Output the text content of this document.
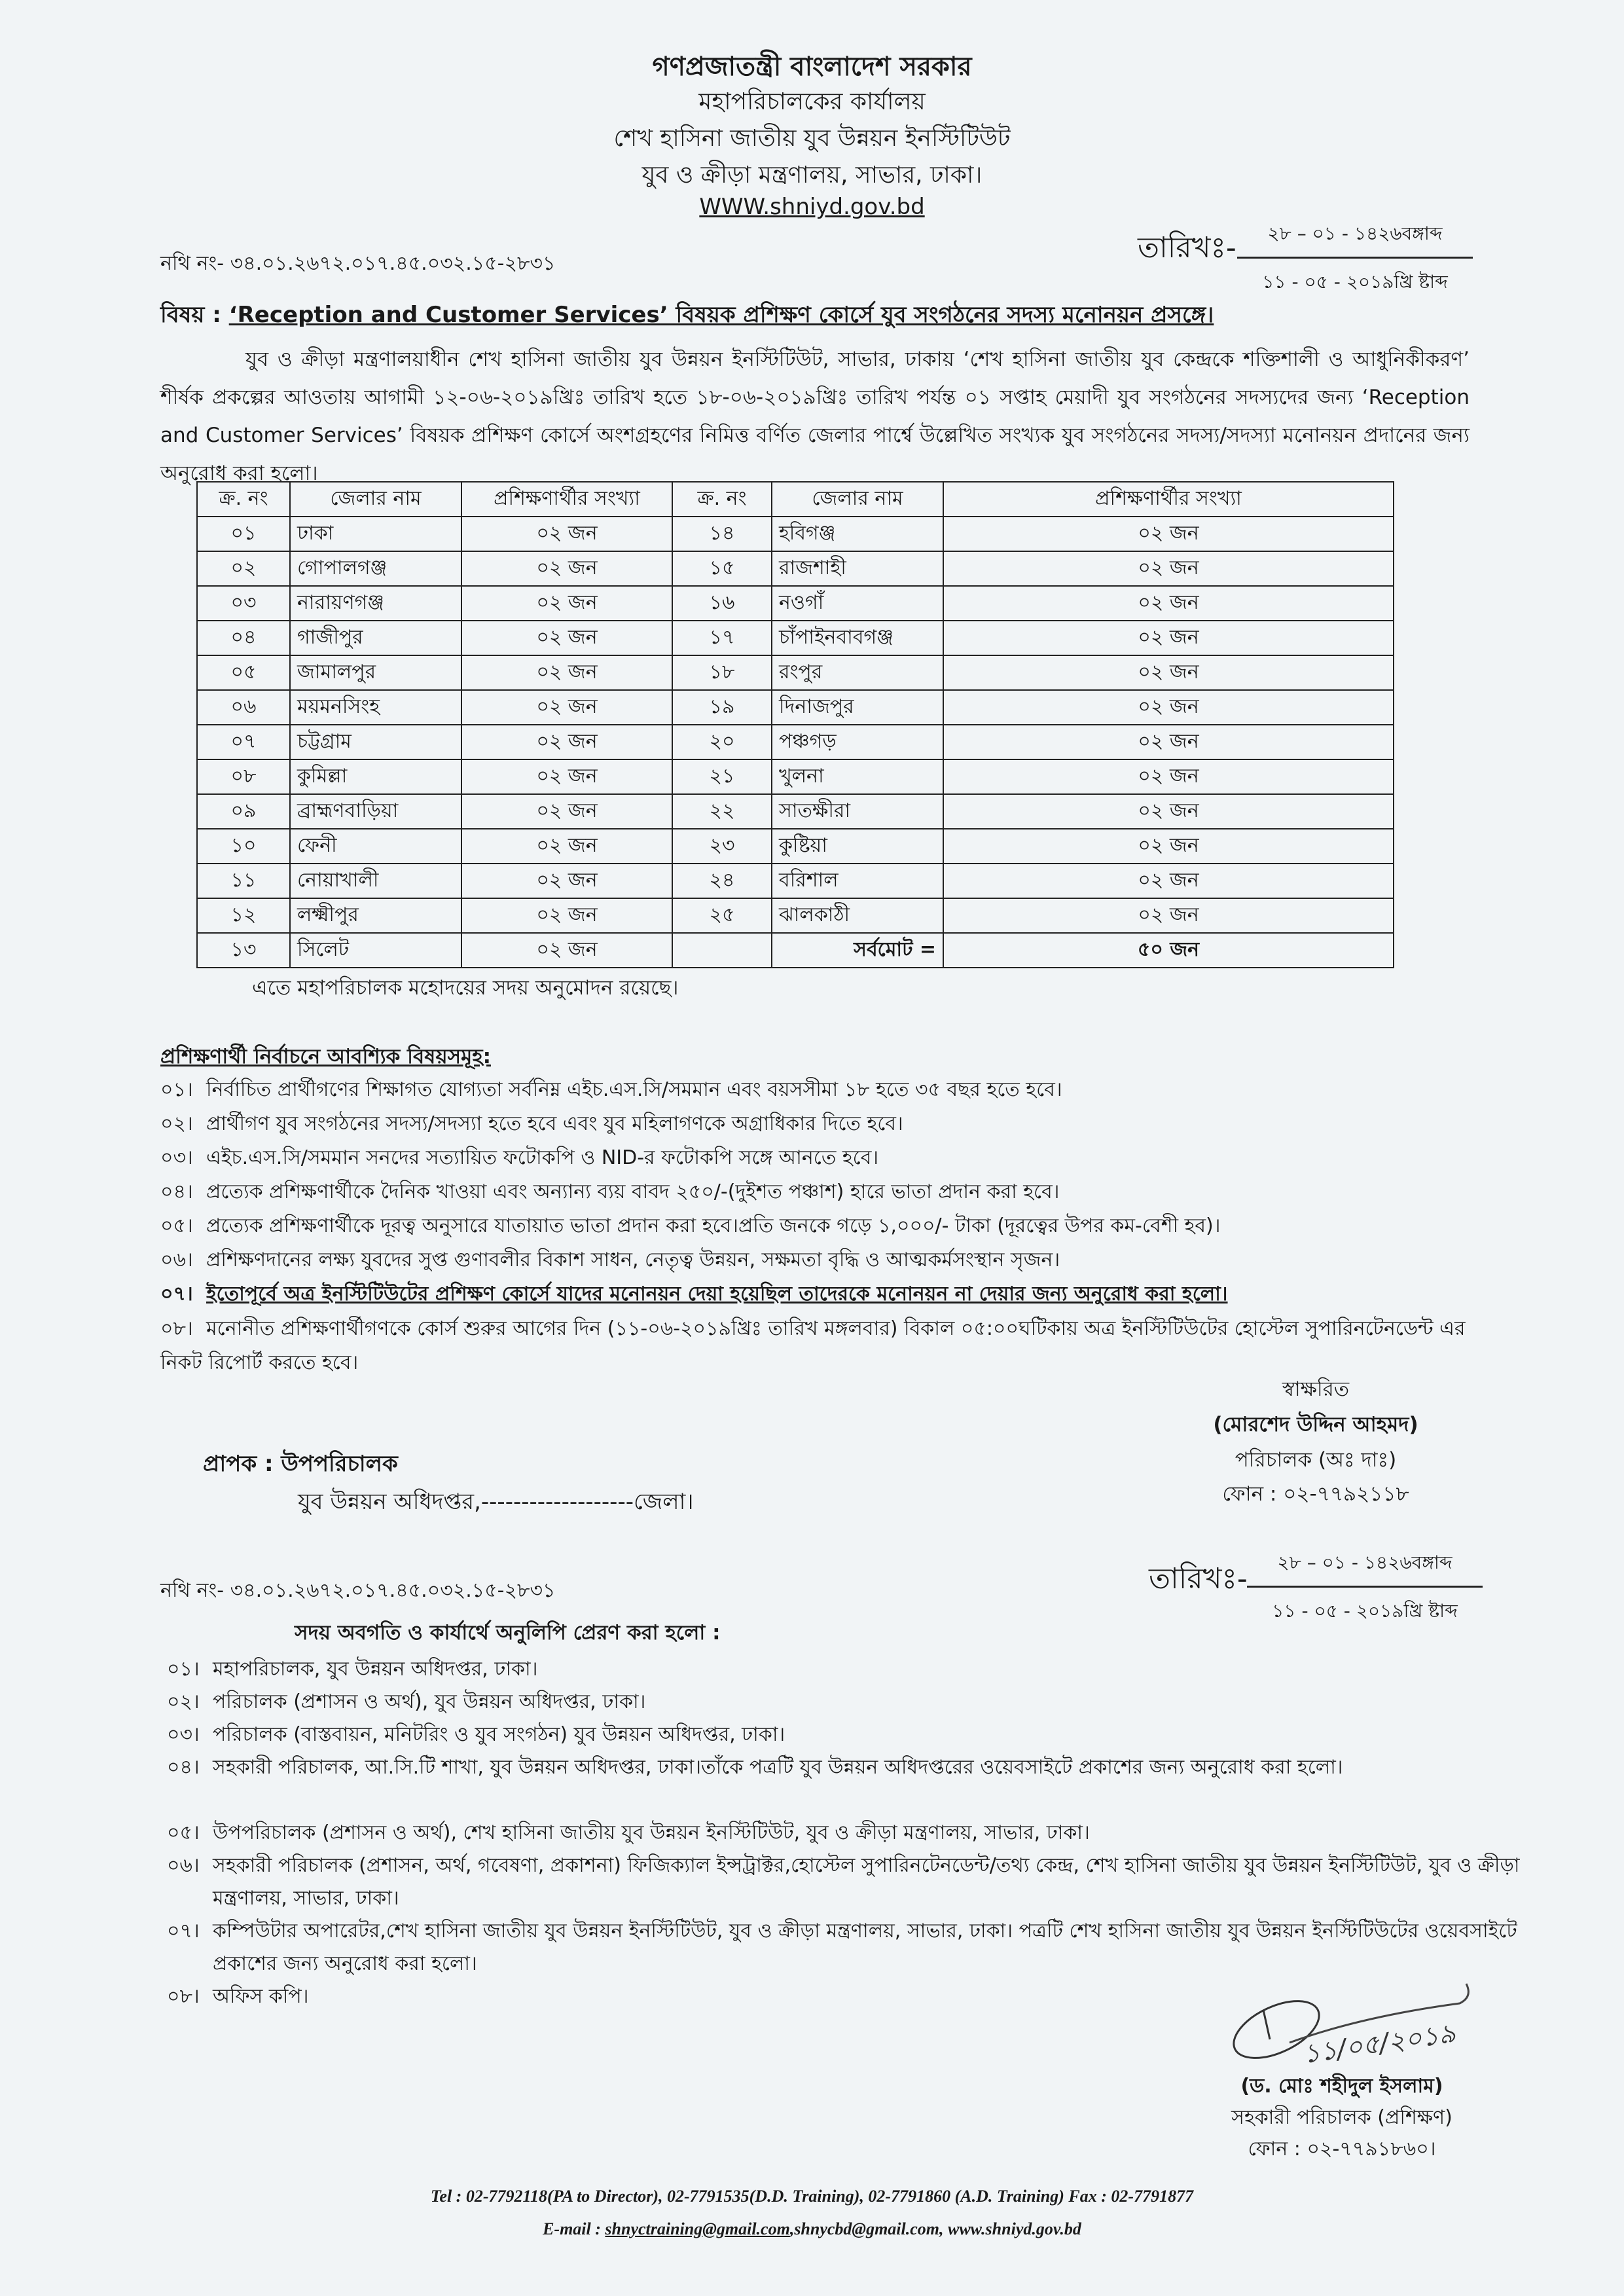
গণপ্রজাতন্ত্রী বাংলাদেশ সরকার
মহাপরিচালকের কার্যালয়
শেখ হাসিনা জাতীয় যুব উন্নয়ন ইনস্টিটিউট
যুব ও ক্রীড়া মন্ত্রণালয়, সাভার, ঢাকা।
WWW.shniyd.gov.bd
নথি নং- ৩৪.০১.২৬৭২.০১৭.৪৫.০৩২.১৫-২৮৩১	তারিখঃ-	২৮ – ০১ - ১৪২৬বঙ্গাব্দ
১১ - ০৫ - ২০১৯খ্রি ষ্টাব্দ
বিষয় : ‘Reception and Customer Services’ বিষয়ক প্রশিক্ষণ কোর্সে যুব সংগঠনের সদস্য মনোনয়ন প্রসঙ্গে।
যুব ও ক্রীড়া মন্ত্রণালয়াধীন শেখ হাসিনা জাতীয় যুব উন্নয়ন ইনস্টিটিউট, সাভার, ঢাকায় ‘শেখ হাসিনা জাতীয় যুব কেন্দ্রকে শক্তিশালী ও আধুনিকীকরণ’ শীর্ষক প্রকল্পের আওতায় আগামী ১২-০৬-২০১৯খ্রিঃ তারিখ হতে ১৮-০৬-২০১৯খ্রিঃ তারিখ পর্যন্ত ০১ সপ্তাহ মেয়াদী যুব সংগঠনের সদস্যদের জন্য ‘Reception and Customer Services’ বিষয়ক প্রশিক্ষণ কোর্সে অংশগ্রহণের নিমিত্ত বর্ণিত জেলার পার্শ্বে উল্লেখিত সংখ্যক যুব সংগঠনের সদস্য/সদস্যা মনোনয়ন প্রদানের জন্য অনুরোধ করা হলো।
ক্র. নং	জেলার নাম	প্রশিক্ষণার্থীর সংখ্যা	ক্র. নং	জেলার নাম	প্রশিক্ষণার্থীর সংখ্যা
০১	ঢাকা	০২ জন	১৪	হবিগঞ্জ	০২ জন
০২	গোপালগঞ্জ	০২ জন	১৫	রাজশাহী	০২ জন
০৩	নারায়ণগঞ্জ	০২ জন	১৬	নওগাঁ	০২ জন
০৪	গাজীপুর	০২ জন	১৭	চাঁপাইনবাবগঞ্জ	০২ জন
০৫	জামালপুর	০২ জন	১৮	রংপুর	০২ জন
০৬	ময়মনসিংহ	০২ জন	১৯	দিনাজপুর	০২ জন
০৭	চট্টগ্রাম	০২ জন	২০	পঞ্চগড়	০২ জন
০৮	কুমিল্লা	০২ জন	২১	খুলনা	০২ জন
০৯	ব্রাহ্মণবাড়িয়া	০২ জন	২২	সাতক্ষীরা	০২ জন
১০	ফেনী	০২ জন	২৩	কুষ্টিয়া	০২ জন
১১	নোয়াখালী	০২ জন	২৪	বরিশাল	০২ জন
১২	লক্ষ্মীপুর	০২ জন	২৫	ঝালকাঠী	০২ জন
১৩	সিলেট	০২ জন		সর্বমোট =	৫০ জন
এতে মহাপরিচালক মহোদয়ের সদয় অনুমোদন রয়েছে।
প্রশিক্ষণার্থী নির্বাচনে আবশ্যিক বিষয়সমূহ:
০১। নির্বাচিত প্রার্থীগণের শিক্ষাগত যোগ্যতা সর্বনিম্ন এইচ.এস.সি/সমমান এবং বয়সসীমা ১৮ হতে ৩৫ বছর হতে হবে।
০২। প্রার্থীগণ যুব সংগঠনের সদস্য/সদস্যা হতে হবে এবং যুব মহিলাগণকে অগ্রাধিকার দিতে হবে।
০৩। এইচ.এস.সি/সমমান সনদের সত্যায়িত ফটোকপি ও NID-র ফটোকপি সঙ্গে আনতে হবে।
০৪। প্রত্যেক প্রশিক্ষণার্থীকে দৈনিক খাওয়া এবং অন্যান্য ব্যয় বাবদ ২৫০/-(দুইশত পঞ্চাশ) হারে ভাতা প্রদান করা হবে।
০৫। প্রত্যেক প্রশিক্ষণার্থীকে দূরত্ব অনুসারে যাতায়াত ভাতা প্রদান করা হবে।প্রতি জনকে গড়ে ১,০০০/- টাকা (দূরত্বের উপর কম-বেশী হব)।
০৬। প্রশিক্ষণদানের লক্ষ্য যুবদের সুপ্ত গুণাবলীর বিকাশ সাধন, নেতৃত্ব উন্নয়ন, সক্ষমতা বৃদ্ধি ও আত্মকর্মসংস্থান সৃজন।
০৭। ইতোপূর্বে অত্র ইনস্টিটিউটের প্রশিক্ষণ কোর্সে যাদের মনোনয়ন দেয়া হয়েছিল তাদেরকে মনোনয়ন না দেয়ার জন্য অনুরোধ করা হলো।
০৮। মনোনীত প্রশিক্ষণার্থীগণকে কোর্স শুরুর আগের দিন (১১-০৬-২০১৯খ্রিঃ তারিখ মঙ্গলবার) বিকাল ০৫:০০ঘটিকায় অত্র ইনস্টিটিউটের হোস্টেল সুপারিনটেনডেন্ট এর নিকট রিপোর্ট করতে হবে।
স্বাক্ষরিত
(মোরশেদ উদ্দিন আহমদ)
পরিচালক (অঃ দাঃ)
ফোন : ০২-৭৭৯২১১৮
প্রাপক : উপপরিচালক
যুব উন্নয়ন অধিদপ্তর,-------------------জেলা।
নথি নং- ৩৪.০১.২৬৭২.০১৭.৪৫.০৩২.১৫-২৮৩১	তারিখঃ-	২৮ – ০১ - ১৪২৬বঙ্গাব্দ
১১ - ০৫ - ২০১৯খ্রি ষ্টাব্দ
সদয় অবগতি ও কার্যার্থে অনুলিপি প্রেরণ করা হলো :
০১। মহাপরিচালক, যুব উন্নয়ন অধিদপ্তর, ঢাকা।
০২। পরিচালক (প্রশাসন ও অর্থ), যুব উন্নয়ন অধিদপ্তর, ঢাকা।
০৩। পরিচালক (বাস্তবায়ন, মনিটরিং ও যুব সংগঠন) যুব উন্নয়ন অধিদপ্তর, ঢাকা।
০৪। সহকারী পরিচালক, আ.সি.টি শাখা, যুব উন্নয়ন অধিদপ্তর, ঢাকা।তাঁকে পত্রটি যুব উন্নয়ন অধিদপ্তরের ওয়েবসাইটে প্রকাশের জন্য অনুরোধ করা হলো।
০৫। উপপরিচালক (প্রশাসন ও অর্থ), শেখ হাসিনা জাতীয় যুব উন্নয়ন ইনস্টিটিউট, যুব ও ক্রীড়া মন্ত্রণালয়, সাভার, ঢাকা।
০৬। সহকারী পরিচালক (প্রশাসন, অর্থ, গবেষণা, প্রকাশনা) ফিজিক্যাল ইন্সট্রাক্টর,হোস্টেল সুপারিনটেনডেন্ট/তথ্য কেন্দ্র, শেখ হাসিনা জাতীয় যুব উন্নয়ন ইনস্টিটিউট, যুব ও ক্রীড়া মন্ত্রণালয়, সাভার, ঢাকা।
০৭। কম্পিউটার অপারেটর,শেখ হাসিনা জাতীয় যুব উন্নয়ন ইনস্টিটিউট, যুব ও ক্রীড়া মন্ত্রণালয়, সাভার, ঢাকা। পত্রটি শেখ হাসিনা জাতীয় যুব উন্নয়ন ইনস্টিটিউটের ওয়েবসাইটে প্রকাশের জন্য অনুরোধ করা হলো।
০৮। অফিস কপি।
১১/০৫/২০১৯
(ড. মোঃ শহীদুল ইসলাম)
সহকারী পরিচালক (প্রশিক্ষণ)
ফোন : ০২-৭৭৯১৮৬০।
Tel : 02-7792118(PA to Director), 02-7791535(D.D. Training), 02-7791860 (A.D. Training) Fax : 02-7791877
E-mail : shnyctraining@gmail.com,shnycbd@gmail.com, www.shniyd.gov.bd
